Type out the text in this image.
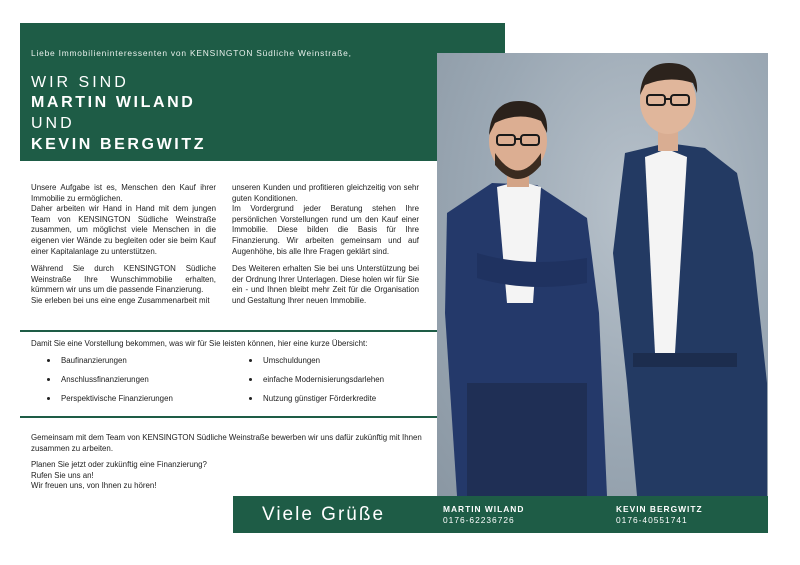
Liebe Immobilieninteressenten von KENSINGTON Südliche Weinstraße,
WIR SIND
MARTIN WILAND
UND
KEVIN BERGWITZ

Unsere Aufgabe ist es, Menschen den Kauf ihrer Immobilie zu ermöglichen.
Daher arbeiten wir Hand in Hand mit dem jungen Team von KENSINGTON Südliche Weinstraße zusammen, um möglichst viele Menschen in die eigenen vier Wände zu begleiten oder sie beim Kauf einer Kapitalanlage zu unterstützen.

Während Sie durch KENSINGTON Südliche Weinstraße Ihre Wunschimmobilie erhalten, kümmern wir uns um die passende Finanzierung.
Sie erleben bei uns eine enge Zusammenarbeit mit

unseren Kunden und profitieren gleichzeitig von sehr guten Konditionen.
Im Vordergrund jeder Beratung stehen Ihre persönlichen Vorstellungen rund um den Kauf einer Immobilie. Diese bilden die Basis für Ihre Finanzierung. Wir arbeiten gemeinsam und auf Augenhöhe, bis alle Ihre Fragen geklärt sind.

Des Weiteren erhalten Sie bei uns Unterstützung bei der Ordnung Ihrer Unterlagen. Diese holen wir für Sie ein - und Ihnen bleibt mehr Zeit für die Organisation und Gestaltung Ihrer neuen Immobilie.

Damit Sie eine Vorstellung bekommen, was wir für Sie leisten können, hier eine kurze Übersicht:
Baufinanzierungen
Anschlussfinanzierungen
Perspektivische Finanzierungen
Umschuldungen
einfache Modernisierungsdarlehen
Nutzung günstiger Förderkredite

Gemeinsam mit dem Team von KENSINGTON Südliche Weinstraße bewerben wir uns dafür zukünftig mit Ihnen zusammen zu arbeiten.

Planen Sie jetzt oder zukünftig eine Finanzierung?
Rufen Sie uns an!
Wir freuen uns, von Ihnen zu hören!

Viele Grüße	MARTIN WILAND
0176-62236726
KEVIN BERGWITZ
0176-40551741
